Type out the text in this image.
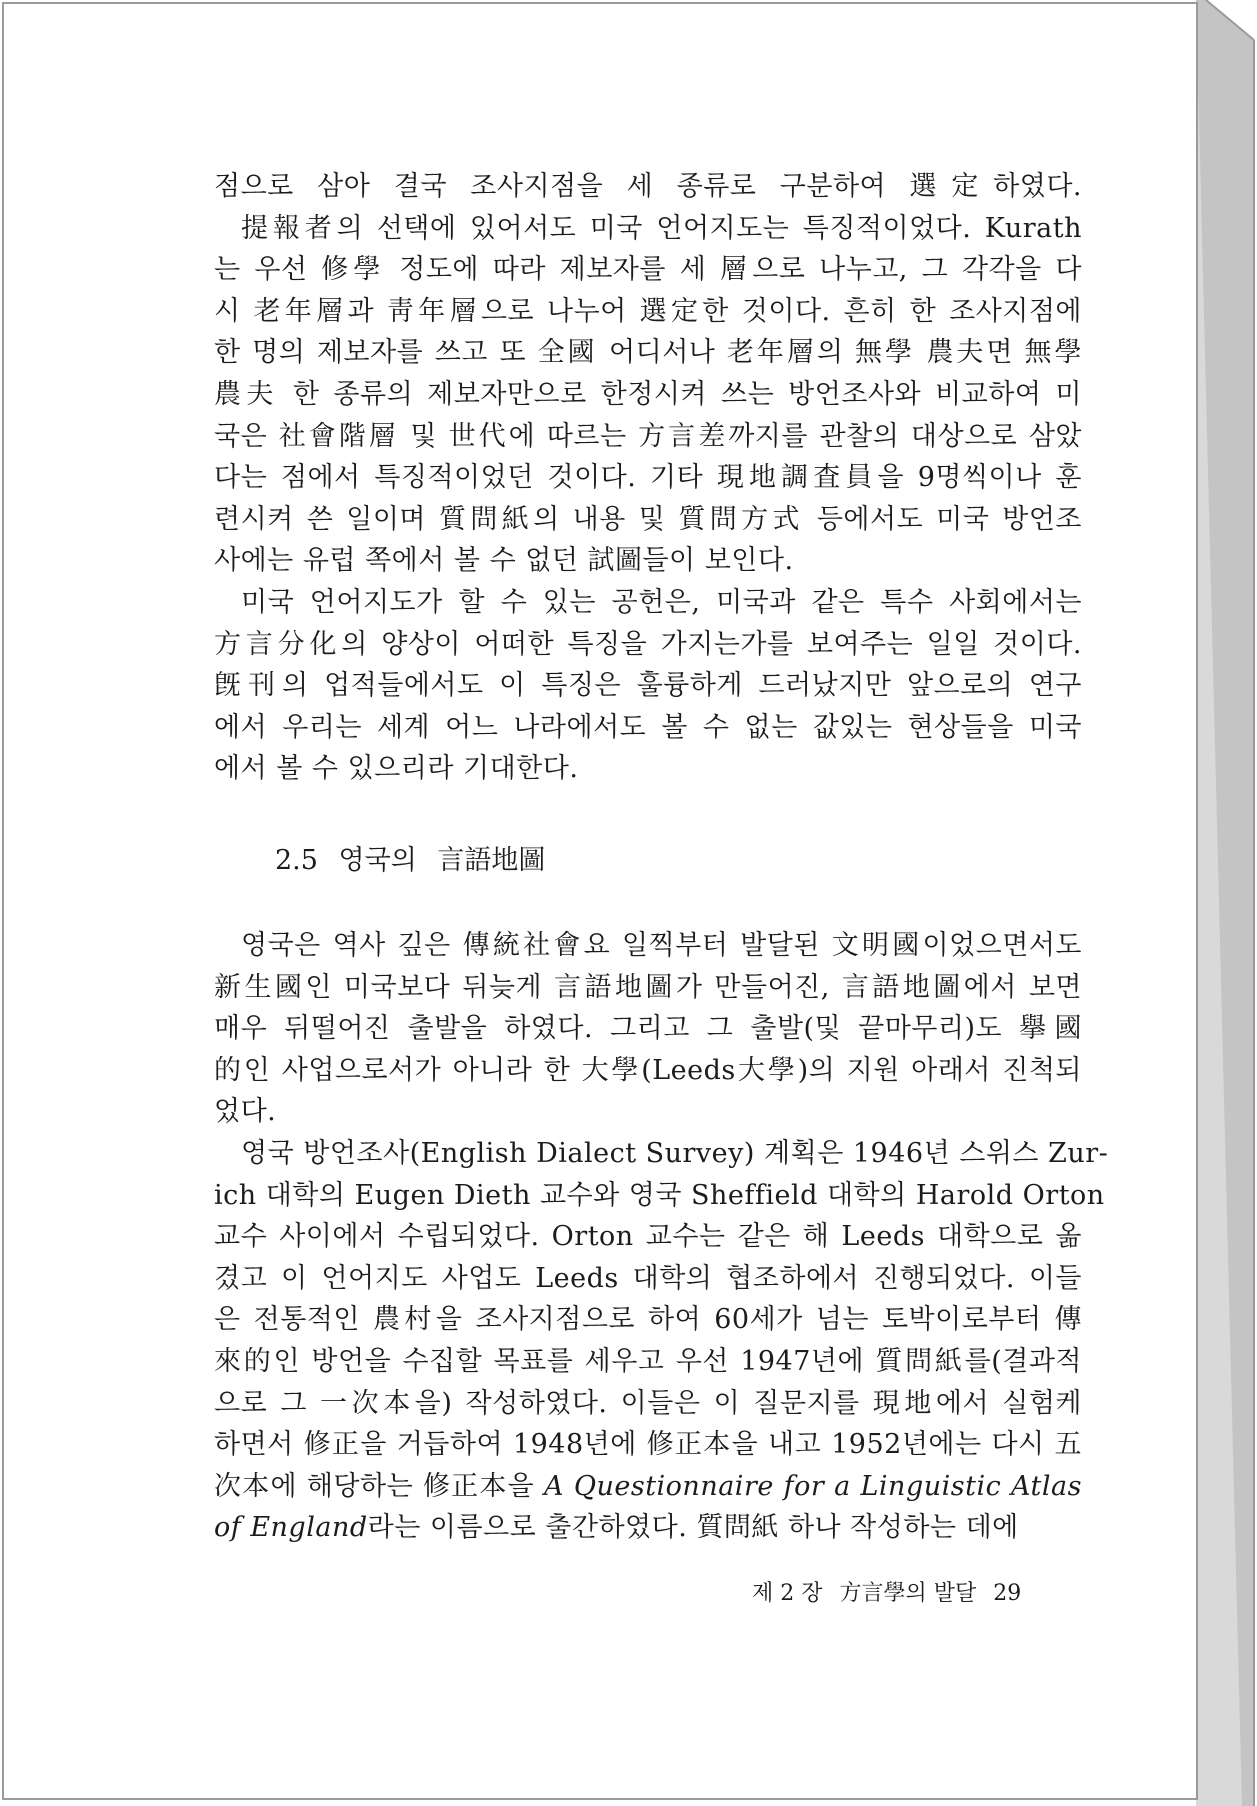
점으로 삼아 결국 조사지점을 세 종류로 구분하여 選定하였다.
提報者의 선택에 있어서도 미국 언어지도는 특징적이었다. Kurath
는 우선 修學 정도에 따라 제보자를 세 層으로 나누고, 그 각각을 다
시 老年層과 靑年層으로 나누어 選定한 것이다. 흔히 한 조사지점에
한 명의 제보자를 쓰고 또 全國 어디서나 老年層의 無學 農夫면 無學
農夫 한 종류의 제보자만으로 한정시켜 쓰는 방언조사와 비교하여 미
국은 社會階層 및 世代에 따르는 方言差까지를 관찰의 대상으로 삼았
다는 점에서 특징적이었던 것이다. 기타 現地調査員을 9명씩이나 훈
련시켜 쓴 일이며 質問紙의 내용 및 質問方式 등에서도 미국 방언조
사에는 유럽 쪽에서 볼 수 없던 試圖들이 보인다.
미국 언어지도가 할 수 있는 공헌은, 미국과 같은 특수 사회에서는
方言分化의 양상이 어떠한 특징을 가지는가를 보여주는 일일 것이다.
旣刊의 업적들에서도 이 특징은 훌륭하게 드러났지만 앞으로의 연구
에서 우리는 세계 어느 나라에서도 볼 수 없는 값있는 현상들을 미국
에서 볼 수 있으리라 기대한다.
2.5 영국의 言語地圖
영국은 역사 깊은 傳統社會요 일찍부터 발달된 文明國이었으면서도
新生國인 미국보다 뒤늦게 言語地圖가 만들어진, 言語地圖에서 보면
매우 뒤떨어진 출발을 하였다. 그리고 그 출발(및 끝마무리)도 擧國
的인 사업으로서가 아니라 한 大學(Leeds大學)의 지원 아래서 진척되
었다.
영국 방언조사(English Dialect Survey) 계획은 1946년 스위스 Zur-
ich 대학의 Eugen Dieth 교수와 영국 Sheffield 대학의 Harold Orton
교수 사이에서 수립되었다. Orton 교수는 같은 해 Leeds 대학으로 옮
겼고 이 언어지도 사업도 Leeds 대학의 협조하에서 진행되었다. 이들
은 전통적인 農村을 조사지점으로 하여 60세가 넘는 토박이로부터 傳
來的인 방언을 수집할 목표를 세우고 우선 1947년에 質問紙를(결과적
으로 그 一次本을) 작성하였다. 이들은 이 질문지를 現地에서 실험케
하면서 修正을 거듭하여 1948년에 修正本을 내고 1952년에는 다시 五
次本에 해당하는 修正本을 A Questionnaire for a Linguistic Atlas
of England라는 이름으로 출간하였다. 質問紙 하나 작성하는 데에
제 2 장 方言學의 발달 29
